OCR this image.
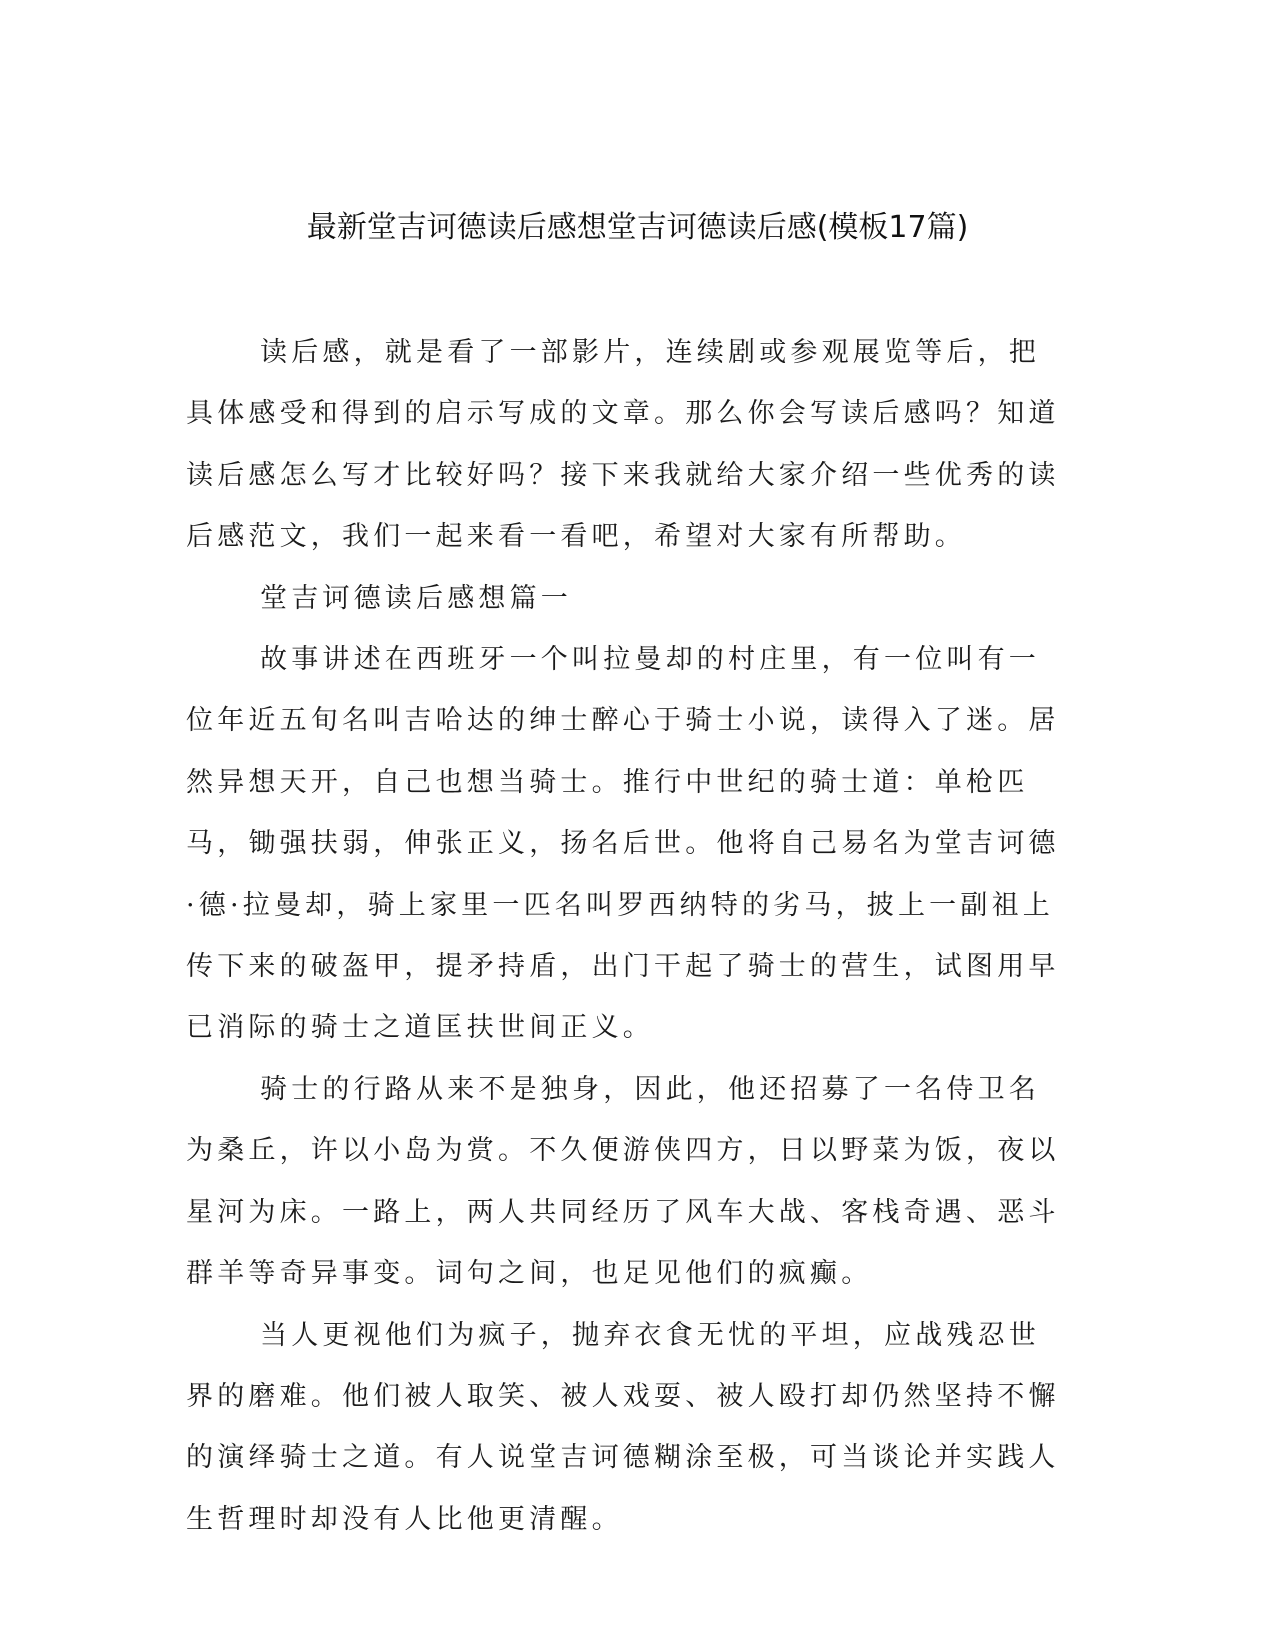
最新堂吉诃德读后感想堂吉诃德读后感(模板17篇)

读后感，就是看了一部影片，连续剧或参观展览等后，把具体感受和得到的启示写成的文章。那么你会写读后感吗？知道读后感怎么写才比较好吗？接下来我就给大家介绍一些优秀的读后感范文，我们一起来看一看吧，希望对大家有所帮助。

堂吉诃德读后感想篇一

故事讲述在西班牙一个叫拉曼却的村庄里，有一位叫有一位年近五旬名叫吉哈达的绅士醉心于骑士小说，读得入了迷。居然异想天开，自己也想当骑士。推行中世纪的骑士道：单枪匹马，锄强扶弱，伸张正义，扬名后世。他将自己易名为堂吉诃德·德·拉曼却，骑上家里一匹名叫罗西纳特的劣马，披上一副祖上传下来的破盔甲，提矛持盾，出门干起了骑士的营生，试图用早已消际的骑士之道匡扶世间正义。

骑士的行路从来不是独身，因此，他还招募了一名侍卫名为桑丘，许以小岛为赏。不久便游侠四方，日以野菜为饭，夜以星河为床。一路上，两人共同经历了风车大战、客栈奇遇、恶斗群羊等奇异事变。词句之间，也足见他们的疯癫。

当人更视他们为疯子，抛弃衣食无忧的平坦，应战残忍世界的磨难。他们被人取笑、被人戏耍、被人殴打却仍然坚持不懈的演绎骑士之道。有人说堂吉诃德糊涂至极，可当谈论并实践人生哲理时却没有人比他更清醒。
